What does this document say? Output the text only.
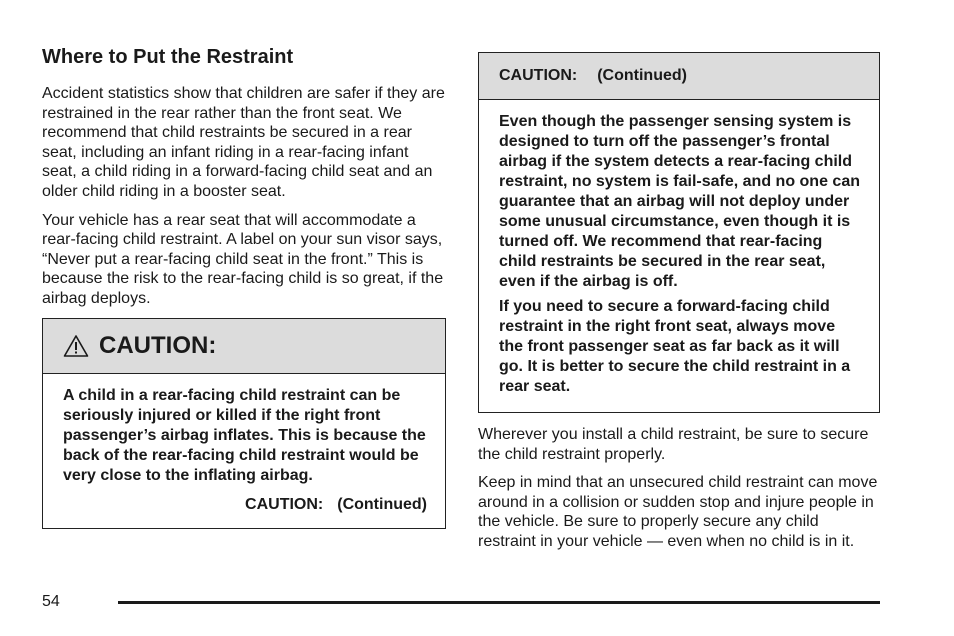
Where to Put the Restraint

Accident statistics show that children are safer if they are restrained in the rear rather than the front seat. We recommend that child restraints be secured in a rear seat, including an infant riding in a rear-facing infant seat, a child riding in a forward-facing child seat and an older child riding in a booster seat.

Your vehicle has a rear seat that will accommodate a rear-facing child restraint. A label on your sun visor says, “Never put a rear-facing child seat in the front.” This is because the risk to the rear-facing child is so great, if the airbag deploys.

CAUTION:

A child in a rear-facing child restraint can be seriously injured or killed if the right front passenger’s airbag inflates. This is because the back of the rear-facing child restraint would be very close to the inflating airbag.

CAUTION: (Continued)
CAUTION: (Continued)

Even though the passenger sensing system is designed to turn off the passenger’s frontal airbag if the system detects a rear-facing child restraint, no system is fail-safe, and no one can guarantee that an airbag will not deploy under some unusual circumstance, even though it is turned off. We recommend that rear-facing child restraints be secured in the rear seat, even if the airbag is off.

If you need to secure a forward-facing child restraint in the right front seat, always move the front passenger seat as far back as it will go. It is better to secure the child restraint in a rear seat.

Wherever you install a child restraint, be sure to secure the child restraint properly.

Keep in mind that an unsecured child restraint can move around in a collision or sudden stop and injure people in the vehicle. Be sure to properly secure any child restraint in your vehicle — even when no child is in it.

54
